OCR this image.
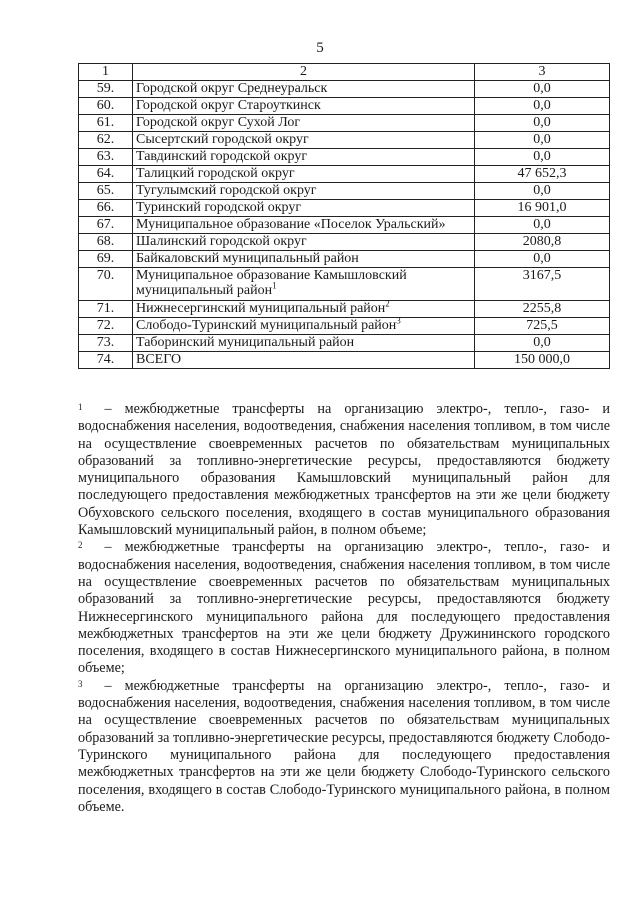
5
1	2	3
59.	Городской округ Среднеуральск	0,0
60.	Городской округ Староуткинск	0,0
61.	Городской округ Сухой Лог	0,0
62.	Сысертский городской округ	0,0
63.	Тавдинский городской округ	0,0
64.	Талицкий городской округ	47 652,3
65.	Тугулымский городской округ	0,0
66.	Туринский городской округ	16 901,0
67.	Муниципальное образование «Поселок Уральский»	0,0
68.	Шалинский городской округ	2080,8
69.	Байкаловский муниципальный район	0,0
70.	Муниципальное образование Камышловский муниципальный район$^1$	3167,5
71.	Нижнесергинский муниципальный район$^2$	2255,8
72.	Слободо-Туринский муниципальный район$^3$	725,5
73.	Таборинский муниципальный район	0,0
74.	ВСЕГО	150 000,0

$^1$ – межбюджетные трансферты на организацию электро-, тепло-, газо- и водоснабжения населения, водоотведения, снабжения населения топливом, в том числе на осуществление своевременных расчетов по обязательствам муниципальных образований за топливно-энергетические ресурсы, предоставляются бюджету муниципального образования Камышловский муниципальный район для последующего предоставления межбюджетных трансфертов на эти же цели бюджету Обуховского сельского поселения, входящего в состав муниципального образования Камышловский муниципальный район, в полном объеме;

$^2$ – межбюджетные трансферты на организацию электро-, тепло-, газо- и водоснабжения населения, водоотведения, снабжения населения топливом, в том числе на осуществление своевременных расчетов по обязательствам муниципальных образований за топливно-энергетические ресурсы, предоставляются бюджету Нижнесергинского муниципального района для последующего предоставления межбюджетных трансфертов на эти же цели бюджету Дружининского городского поселения, входящего в состав Нижнесергинского муниципального района, в полном объеме;

$^3$ – межбюджетные трансферты на организацию электро-, тепло-, газо- и водоснабжения населения, водоотведения, снабжения населения топливом, в том числе на осуществление своевременных расчетов по обязательствам муниципальных образований за топливно-энергетические ресурсы, предоставляются бюджету Слободо-Туринского муниципального района для последующего предоставления межбюджетных трансфертов на эти же цели бюджету Слободо-Туринского сельского поселения, входящего в состав Слободо-Туринского муниципального района, в полном объеме.
